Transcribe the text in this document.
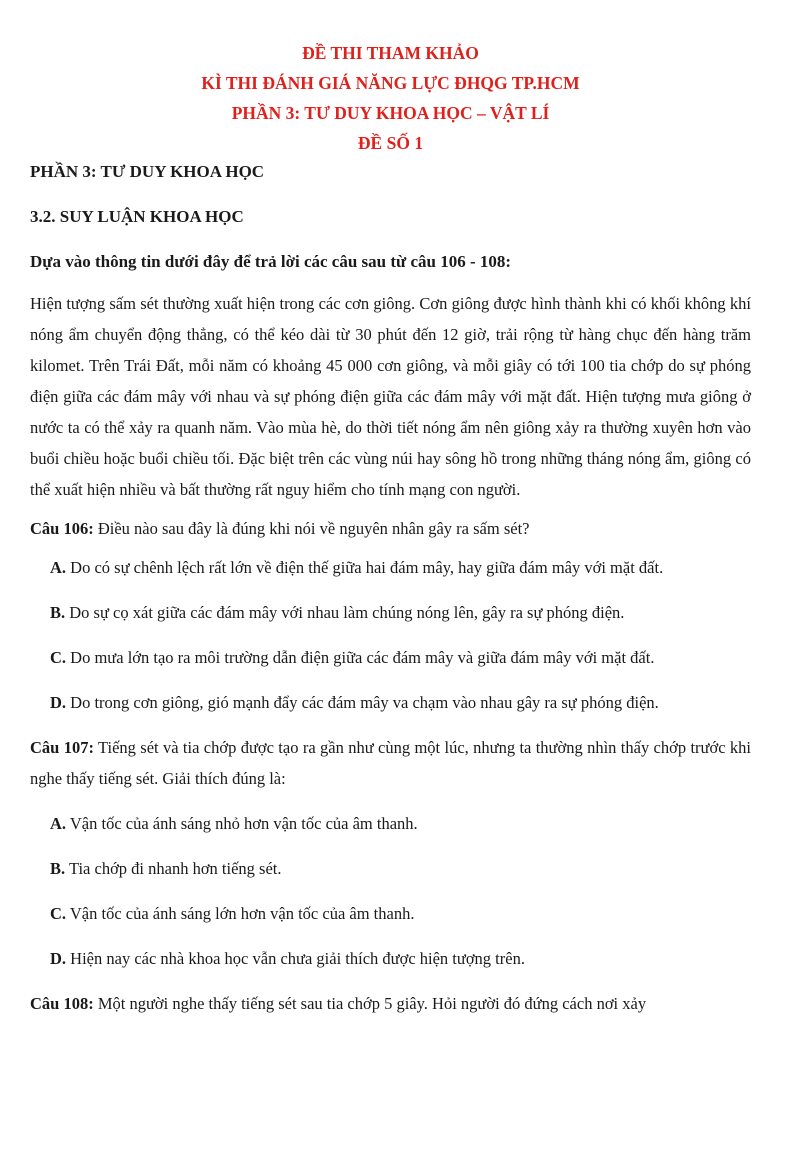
ĐỀ THI THAM KHẢO
KÌ THI ĐÁNH GIÁ NĂNG LỰC ĐHQG TP.HCM
PHẦN 3: TƯ DUY KHOA HỌC – VẬT LÍ
ĐỀ SỐ 1

PHẦN 3: TƯ DUY KHOA HỌC

3.2. SUY LUẬN KHOA HỌC

Dựa vào thông tin dưới đây để trả lời các câu sau từ câu 106 - 108:

Hiện tượng sấm sét thường xuất hiện trong các cơn giông. Cơn giông được hình thành khi có khối không khí nóng ẩm chuyển động thẳng, có thể kéo dài từ 30 phút đến 12 giờ, trải rộng từ hàng chục đến hàng trăm kilomet. Trên Trái Đất, mỗi năm có khoảng 45 000 cơn giông, và mỗi giây có tới 100 tia chớp do sự phóng điện giữa các đám mây với nhau và sự phóng điện giữa các đám mây với mặt đất. Hiện tượng mưa giông ở nước ta có thể xảy ra quanh năm. Vào mùa hè, do thời tiết nóng ẩm nên giông xảy ra thường xuyên hơn vào buổi chiều hoặc buổi chiều tối. Đặc biệt trên các vùng núi hay sông hồ trong những tháng nóng ẩm, giông có thể xuất hiện nhiều và bất thường rất nguy hiểm cho tính mạng con người.

Câu 106: Điều nào sau đây là đúng khi nói về nguyên nhân gây ra sấm sét?

A. Do có sự chênh lệch rất lớn về điện thế giữa hai đám mây, hay giữa đám mây với mặt đất.

B. Do sự cọ xát giữa các đám mây với nhau làm chúng nóng lên, gây ra sự phóng điện.

C. Do mưa lớn tạo ra môi trường dẫn điện giữa các đám mây và giữa đám mây với mặt đất.

D. Do trong cơn giông, gió mạnh đẩy các đám mây va chạm vào nhau gây ra sự phóng điện.

Câu 107: Tiếng sét và tia chớp được tạo ra gần như cùng một lúc, nhưng ta thường nhìn thấy chớp trước khi nghe thấy tiếng sét. Giải thích đúng là:

A. Vận tốc của ánh sáng nhỏ hơn vận tốc của âm thanh.

B. Tia chớp đi nhanh hơn tiếng sét.

C. Vận tốc của ánh sáng lớn hơn vận tốc của âm thanh.

D. Hiện nay các nhà khoa học vẫn chưa giải thích được hiện tượng trên.

Câu 108: Một người nghe thấy tiếng sét sau tia chớp 5 giây. Hỏi người đó đứng cách nơi xảy
